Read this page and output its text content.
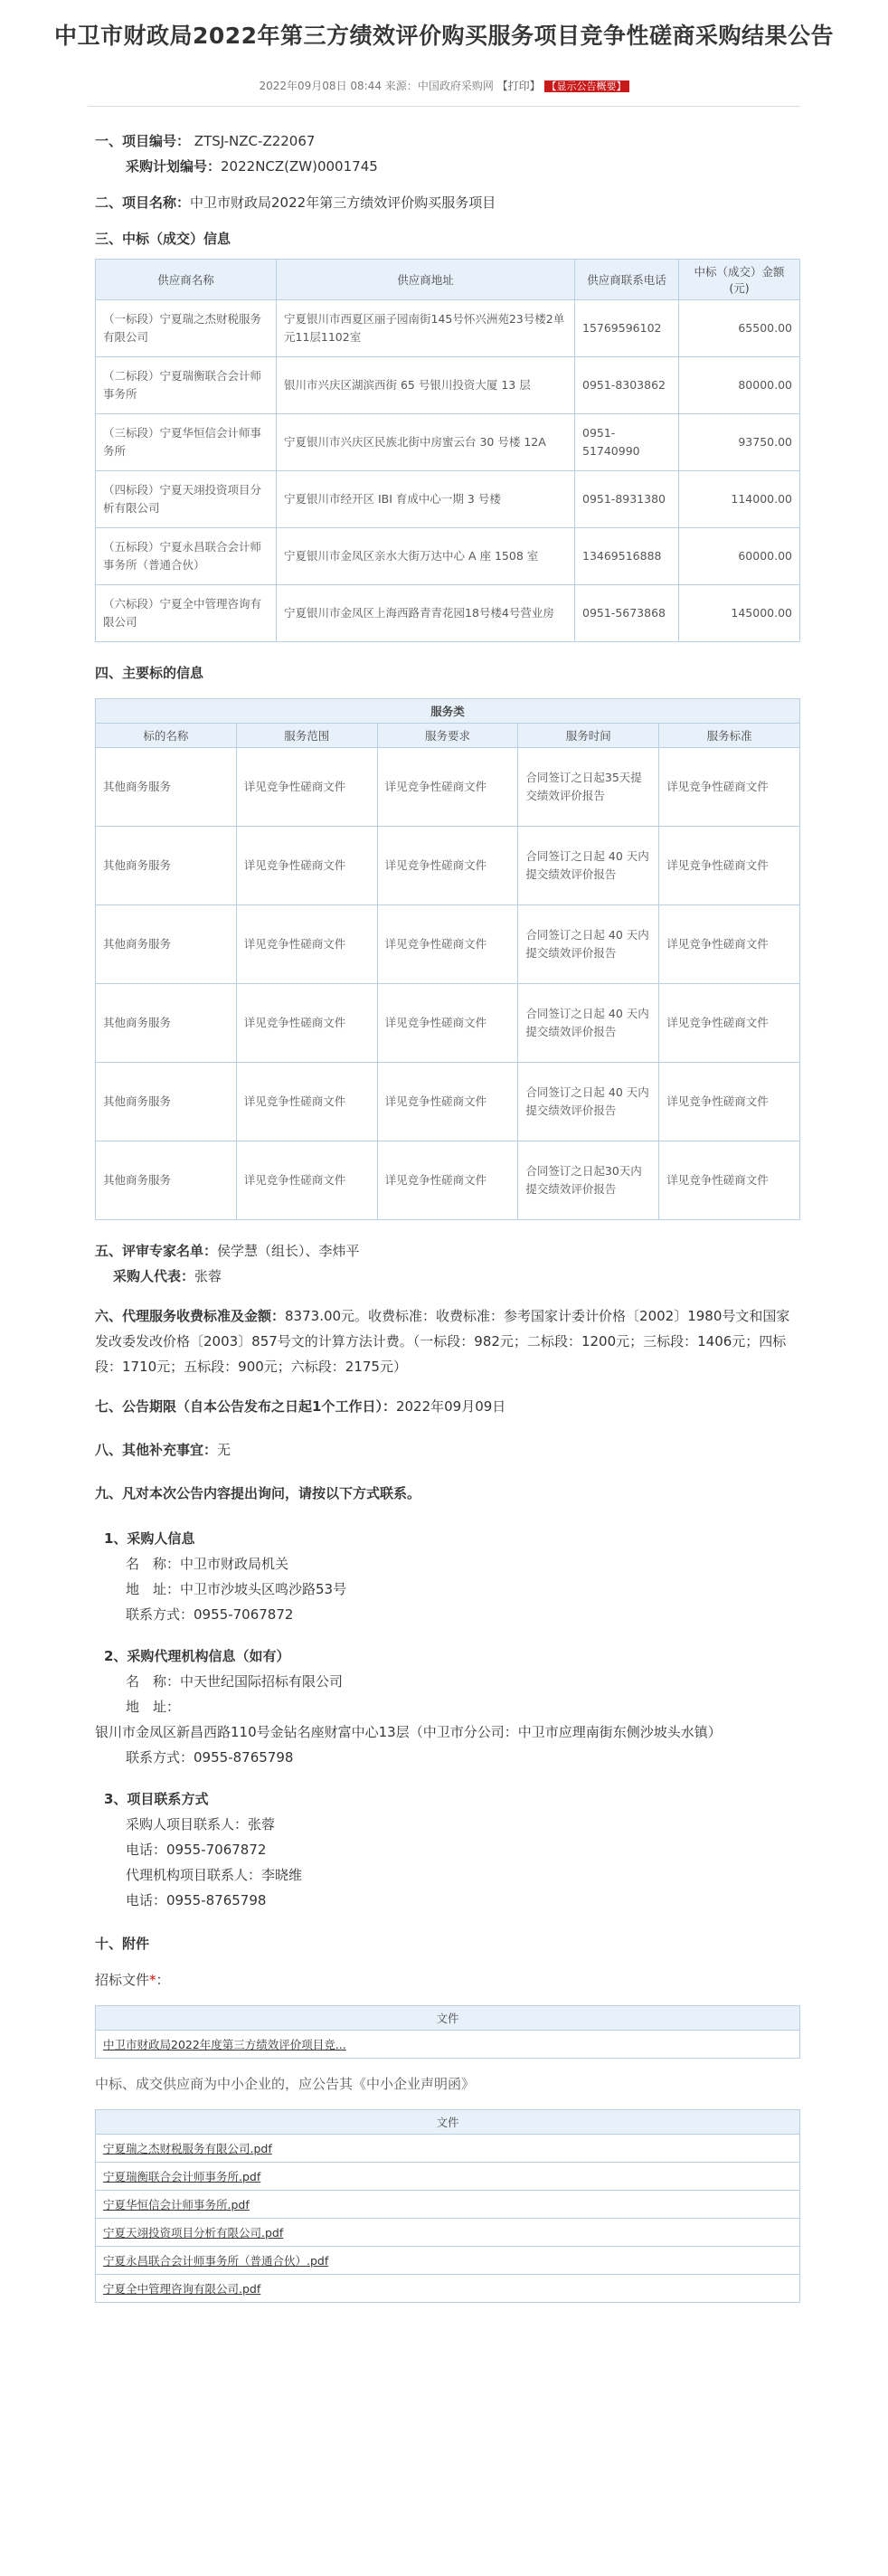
中卫市财政局2022年第三方绩效评价购买服务项目竞争性磋商采购结果公告
2022年09月08日 08:44 来源：中国政府采购网 【打印】 【显示公告概要】
一、项目编号： ZTSJ-NZC-Z22067
采购计划编号：2022NCZ(ZW)0001745
二、项目名称：中卫市财政局2022年第三方绩效评价购买服务项目
三、中标（成交）信息
供应商名称	供应商地址	供应商联系电话	中标（成交）金额(元)
（一标段）宁夏瑞之杰财税服务有限公司	宁夏银川市西夏区丽子园南街145号怀兴洲苑23号楼2单元11层1102室	15769596102	65500.00
（二标段）宁夏瑞衡联合会计师事务所	银川市兴庆区湖滨西街 65 号银川投资大厦 13 层	0951-8303862	80000.00
（三标段）宁夏华恒信会计师事务所	宁夏银川市兴庆区民族北街中房蜜云台 30 号楼 12A	0951-51740990	93750.00
（四标段）宁夏天翊投资项目分析有限公司	宁夏银川市经开区 IBI 育成中心一期 3 号楼	0951-8931380	114000.00
（五标段）宁夏永昌联合会计师事务所（普通合伙）	宁夏银川市金凤区亲水大街万达中心 A 座 1508 室	13469516888	60000.00
（六标段）宁夏全中管理咨询有限公司	宁夏银川市金凤区上海西路青青花园18号楼4号营业房	0951-5673868	145000.00
四、主要标的信息
服务类				
标的名称	服务范围	服务要求	服务时间	服务标准
其他商务服务	详见竞争性磋商文件	详见竞争性磋商文件	合同签订之日起35天提交绩效评价报告	详见竞争性磋商文件
其他商务服务	详见竞争性磋商文件	详见竞争性磋商文件	合同签订之日起 40 天内提交绩效评价报告	详见竞争性磋商文件
其他商务服务	详见竞争性磋商文件	详见竞争性磋商文件	合同签订之日起 40 天内提交绩效评价报告	详见竞争性磋商文件
其他商务服务	详见竞争性磋商文件	详见竞争性磋商文件	合同签订之日起 40 天内提交绩效评价报告	详见竞争性磋商文件
其他商务服务	详见竞争性磋商文件	详见竞争性磋商文件	合同签订之日起 40 天内提交绩效评价报告	详见竞争性磋商文件
其他商务服务	详见竞争性磋商文件	详见竞争性磋商文件	合同签订之日起30天内提交绩效评价报告	详见竞争性磋商文件
五、评审专家名单：侯学慧（组长）、李炜平
采购人代表：张蓉
六、代理服务收费标准及金额：8373.00元。收费标准：收费标准：参考国家计委计价格〔2002〕1980号文和国家发改委发改价格〔2003〕857号文的计算方法计费。（一标段：982元；二标段：1200元；三标段：1406元；四标段：1710元；五标段：900元；六标段：2175元）
七、公告期限（自本公告发布之日起1个工作日）：2022年09月09日
八、其他补充事宜：无
九、凡对本次公告内容提出询问，请按以下方式联系。
1、采购人信息
名　称：中卫市财政局机关
地　址：中卫市沙坡头区鸣沙路53号
联系方式：0955-7067872
2、采购代理机构信息（如有）
名　称：中天世纪国际招标有限公司
地　址：银川市金凤区新昌西路110号金钻名座财富中心13层（中卫市分公司：中卫市应理南街东侧沙坡头水镇）
联系方式：0955-8765798
3、项目联系方式
采购人项目联系人：张蓉
电话：0955-7067872
代理机构项目联系人：李晓维
电话：0955-8765798
十、附件
招标文件*：
文件
中卫市财政局2022年度第三方绩效评价项目竞...
中标、成交供应商为中小企业的，应公告其《中小企业声明函》
文件
宁夏瑞之杰财税服务有限公司.pdf
宁夏瑞衡联合会计师事务所.pdf
宁夏华恒信会计师事务所.pdf
宁夏天翊投资项目分析有限公司.pdf
宁夏永昌联合会计师事务所（普通合伙）.pdf
宁夏全中管理咨询有限公司.pdf
